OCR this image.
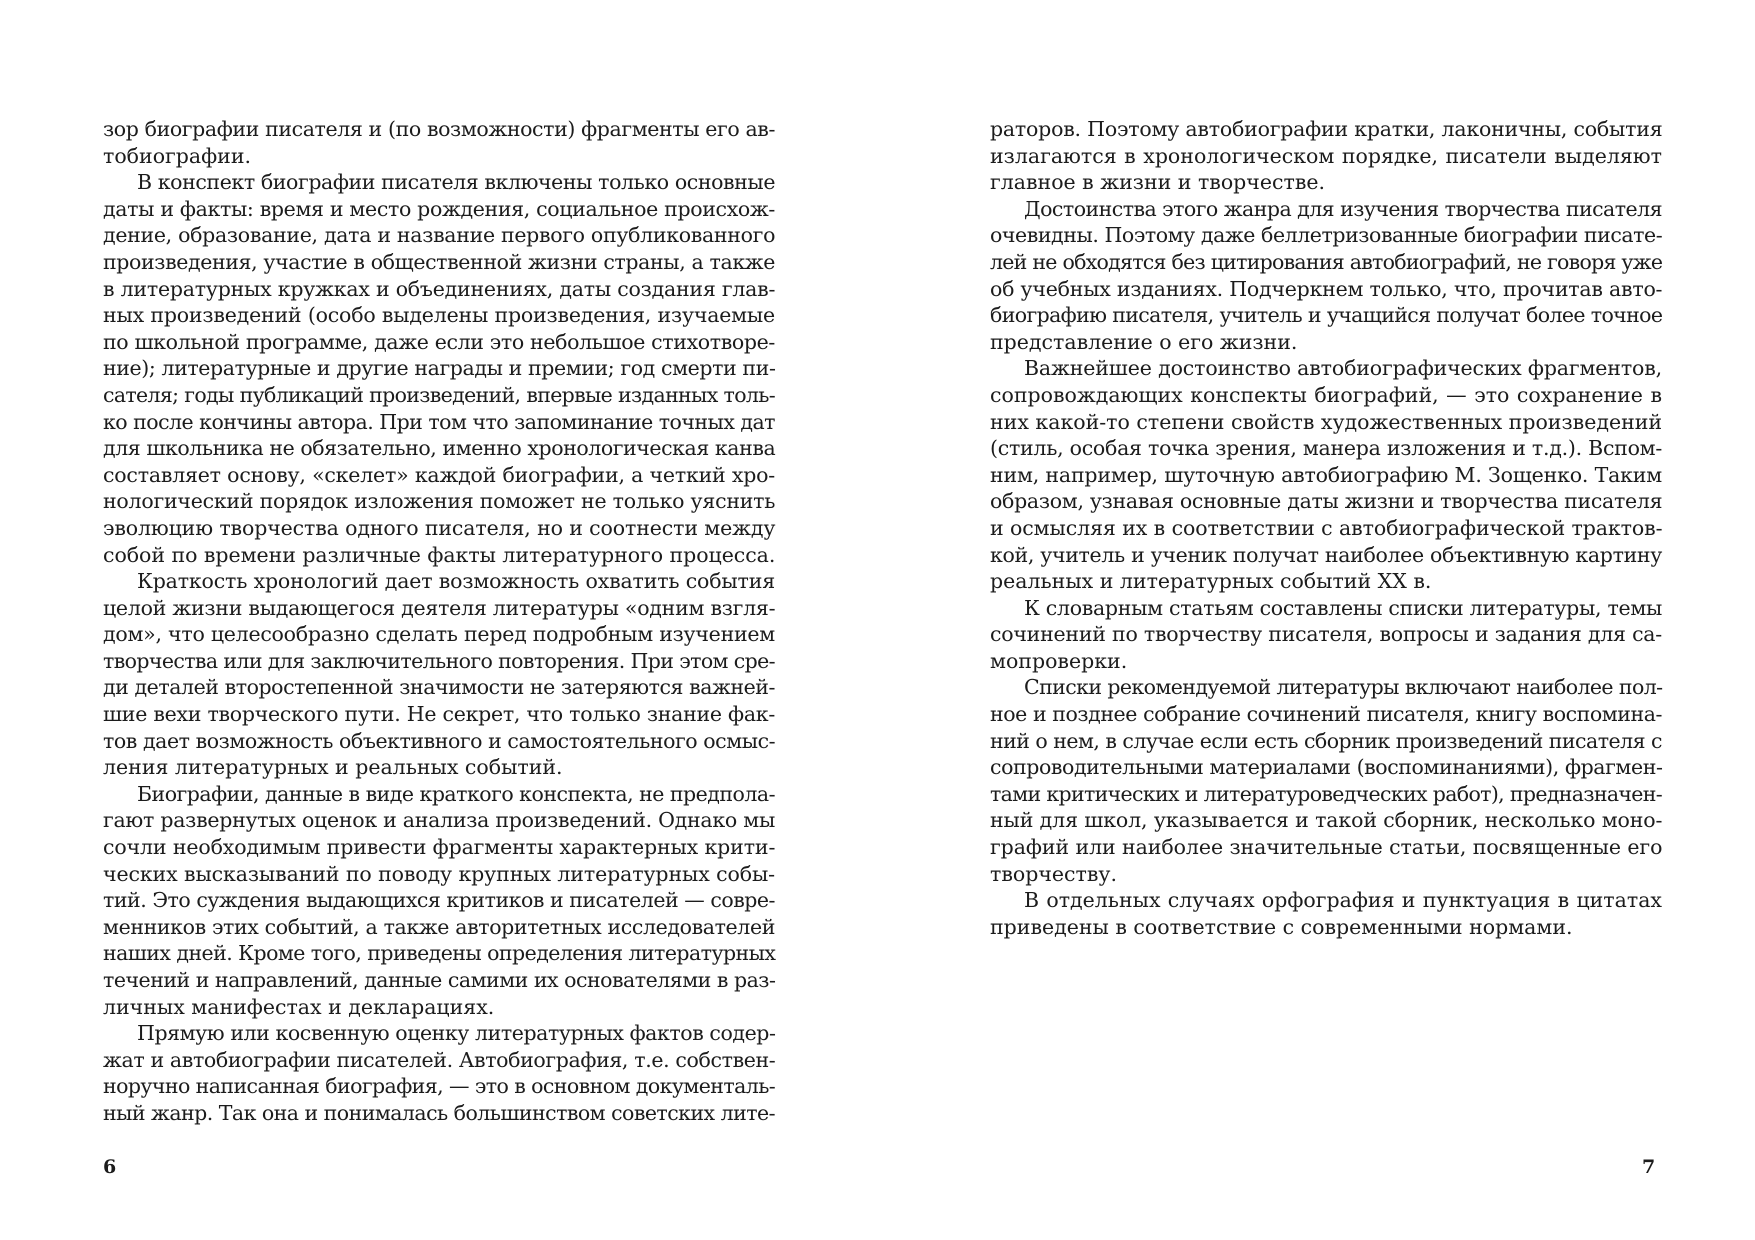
зор биографии писателя и (по возможности) фрагменты его ав-
тобиографии.
В конспект биографии писателя включены только основные
даты и факты: время и место рождения, социальное происхож-
дение, образование, дата и название первого опубликованного
произведения, участие в общественной жизни страны, а также
в литературных кружках и объединениях, даты создания глав-
ных произведений (особо выделены произведения, изучаемые
по школьной программе, даже если это небольшое стихотворе-
ние); литературные и другие награды и премии; год смерти пи-
сателя; годы публикаций произведений, впервые изданных толь-
ко после кончины автора. При том что запоминание точных дат
для школьника не обязательно, именно хронологическая канва
составляет основу, «скелет» каждой биографии, а четкий хро-
нологический порядок изложения поможет не только уяснить
эволюцию творчества одного писателя, но и соотнести между
собой по времени различные факты литературного процесса.
Краткость хронологий дает возможность охватить события
целой жизни выдающегося деятеля литературы «одним взгля-
дом», что целесообразно сделать перед подробным изучением
творчества или для заключительного повторения. При этом сре-
ди деталей второстепенной значимости не затеряются важней-
шие вехи творческого пути. Не секрет, что только знание фак-
тов дает возможность объективного и самостоятельного осмыс-
ления литературных и реальных событий.
Биографии, данные в виде краткого конспекта, не предпола-
гают развернутых оценок и анализа произведений. Однако мы
сочли необходимым привести фрагменты характерных крити-
ческих высказываний по поводу крупных литературных собы-
тий. Это суждения выдающихся критиков и писателей — совре-
менников этих событий, а также авторитетных исследователей
наших дней. Кроме того, приведены определения литературных
течений и направлений, данные самими их основателями в раз-
личных манифестах и декларациях.
Прямую или косвенную оценку литературных фактов содер-
жат и автобиографии писателей. Автобиография, т.е. собствен-
норучно написанная биография, — это в основном документаль-
ный жанр. Так она и понималась большинством советских лите-
6
раторов. Поэтому автобиографии кратки, лаконичны, события
излагаются в хронологическом порядке, писатели выделяют
главное в жизни и творчестве.
Достоинства этого жанра для изучения творчества писателя
очевидны. Поэтому даже беллетризованные биографии писате-
лей не обходятся без цитирования автобиографий, не говоря уже
об учебных изданиях. Подчеркнем только, что, прочитав авто-
биографию писателя, учитель и учащийся получат более точное
представление о его жизни.
Важнейшее достоинство автобиографических фрагментов,
сопровождающих конспекты биографий, — это сохранение в
них какой-то степени свойств художественных произведений
(стиль, особая точка зрения, манера изложения и т.д.). Вспом-
ним, например, шуточную автобиографию М. Зощенко. Таким
образом, узнавая основные даты жизни и творчества писателя
и осмысляя их в соответствии с автобиографической трактов-
кой, учитель и ученик получат наиболее объективную картину
реальных и литературных событий XX в.
К словарным статьям составлены списки литературы, темы
сочинений по творчеству писателя, вопросы и задания для са-
мопроверки.
Списки рекомендуемой литературы включают наиболее пол-
ное и позднее собрание сочинений писателя, книгу воспомина-
ний о нем, в случае если есть сборник произведений писателя с
сопроводительными материалами (воспоминаниями), фрагмен-
тами критических и литературоведческих работ), предназначен-
ный для школ, указывается и такой сборник, несколько моно-
графий или наиболее значительные статьи, посвященные его
творчеству.
В отдельных случаях орфография и пунктуация в цитатах
приведены в соответствие с современными нормами.
7
